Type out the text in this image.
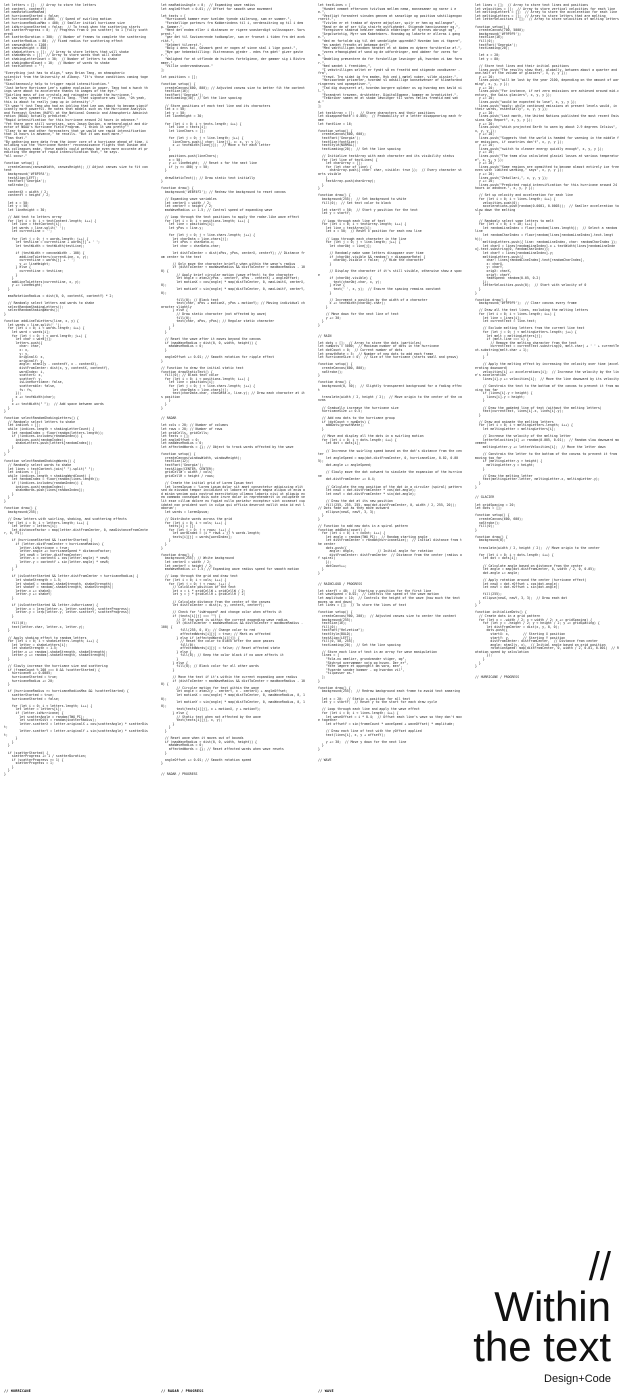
let letters = [];  // Array to store the letters
let content, contentY;
let manRotationMaxRad;
let hurricaneStarted = false;
let hurricaneSpeed = 0.006;  // Speed of swirling motion
let hurricaneRadiusMax = 400; // Smaller initial hurricane size
let isHurricaneStarted = false;  // To track when the scattering starts
let scatterProgress = 0;  // Progress from 0 (no scatter) to 1 (fully scattered)
let scatterDuration = 300;  // Number of frames to complete the scattering
let scatterRadius = 80;  // Fixed radius for scattering effect
let canvasWidth = 1200;
let canvasHeight = 850;
let shakeLetters = [];  // Array to store letters that will shake
let shakeWords = [];  // Array to store words that will shake
let shakingLetterCount = 30;  // Number of letters to shake
let shakingWordCount = 10;  // Number of words to shake
let textContent = "";

"Everything just has to align," says Brian Tang, an atmospheric
scientist from the University at Albany. "It's those conditions coming together."
"Simultaneously help to trigger rapid intensification."
"Just before Hurricane Lee's sudden explosion in power, Tang had a hunch things were about to accelerate thanks to images of the eye."
"Swirling mass of ice crystals and rainwater inside the hurricane."
"It was very symmetric," recalls Tang. "That signature was like, 'Oh yeah, this is about to really jump up in intensity'."
"It wasn't just Tang who had an inkling that Lee was about to become significantly more powerful. He notes that models such as the Hurricane Analysis and Forecast System (HAFS) at the National Oceanic and Atmospheric Administration (NOAA) actually predicted."
"Rapid intensification for this hurricane around 24 hours in advance."
"Yet there were still surprises, says Jason Dunion, a meteorologist and director of NOAA's Hurricane Field Program. 'I think it was pretty'"
"Clear to me and other forecasters that we would see rapid intensification that 24 hours in advance," he recalls. "But it was much more."
"Than that."
"By gathering more data from the inner core of a hurricane ahead of time, including via the 'Hurricane Hunter' reconnaissance flights that Dunion and his colleagues make, these models could perhaps be even more accurate at predicting the degree of rapid intensification that," he says.
"all occur."

function setup() {
createCanvas(canvasWidth, canvasHeight); // Adjust canvas size to fit content
background('#F8F9FA');
textAlign(LEFT);
textFont('Georgia');
noStroke();

contentX = width / 2;
contentY = height / 2;

let x = 50;
let y = 50;
let lineHeight = 30;

// Add text to letters array
for (let i = 0; i < textContent.length; i++) {
let line = textContent[i];
let words = line.split(' ');
let currentLine = '';

for (let j = 0; j < words.length; j++) {
let testLine = currentLine + words[j] + ' ';
let testWidth = textWidth(testLine);

if (testWidth > canvasWidth - 100) {
addLineToLetters(currentLine, x, y);
currentLine = words[j] + ' ';
y += lineHeight;
} else {
currentLine = testLine;
}
}
addLineToLetters(currentLine, x, y);
y += lineHeight;
}

maxRotationRadius = dist(0, 0, contentX, contentY) * 2;

// Randomly select letters and words to shake
selectRandomShakingLetters();
selectRandomShakingWords();
}

function addLineToLetters(line, x, y) {
let words = line.split(' ');
for (let i = 0; i < words.length; i++) {
let word = words[i];
for (let j = 0; j < word.length; j++) {
let char = word[j];
letters.push({
char: char,
x: x,
y: y,
originalX: x,
originalY: y,
angle: atan2(y - contentY, x - contentX),
distFromCenter: dist(x, y, contentX, contentY),
wordIndex: i,
scatterX: x,
scatterY: y,
isLineHurricane: false,
scatterable: false,
fs: fs,
});
x += textWidth(char);
}
x += textWidth(" ");  // Add space between words
}
}

function selectRandomShakingLetters() {
// Randomly select letters to shake
let indices = [];
while (indices.length < shakingLetterCount) {
let randomIndex = floor(random(letters.length));
if (!indices.includes(randomIndex)) {
indices.push(randomIndex);
shakeLetters.push(letters[randomIndex]);
}
}
}

function selectRandomShakingWords() {
// Randomly select words to shake
let lines = textContent.join(" ").split(" ");
let indices = [];
while (indices.length < shakingWordCount) {
let randomIndex = floor(random(lines.length));
if (!indices.includes(randomIndex)) {
indices.push(randomIndex);
shakeWords.push(lines[randomIndex]);
}
}
}

function draw() {
background(255);

// Draw letters with swirling, shaking, and scattering effects
for (let i = 0; i < letters.length; i++) {
let letter = letters[i];
let distanceFactor = map(letter.distFromCenter, 0, maxDistanceFromCenter, 0, PI);

if (hurricaneStarted && !scatterStarted) {
if (letter.distFromCenter < hurricaneRadius) {
letter.isHurricane = true;
letter.angle += hurricaneSpeed * distanceFactor;
let newR = letter.distFromCenter;
letter.x = contentX + cos(letter.angle) * newR;
letter.y = contentY + sin(letter.angle) * newR;
}
}

if (isScatterStarted && letter.distFromCenter < hurricaneRadius) {
let shakeStrength = 1.5;
let shakeX = random(-shakeStrength, shakeStrength);
let shakeY = random(-shakeStrength, shakeStrength);
letter.x += shakeX;
letter.y += shakeY;
}

if (isScatterStarted && letter.isHurricane) {
letter.x = lerp(letter.x, letter.scatterX, scatterProgress);
letter.y = lerp(letter.y, letter.scatterY, scatterProgress);
}

fill(0);
text(letter.char, letter.x, letter.y);
}

// Apply shaking effect to random letters
for (let i = 0; i < shakeLetters.length; i++) {
let letter = shakeLetters[i];
let shakeStrength = 1.5;
letter.x += random(-shakeStrength, shakeStrength);
letter.y += random(-shakeStrength, shakeStrength);
}

// Slowly increase the hurricane size and scattering
if (frameCount % 200 === 0 && !scatterStarted) {
hurricaneR += 0.0005;
hurricaneStarted = true;
hurricaneRadius += 20;
}

if (hurricaneRadius >= hurricaneRadiusMax && !scatterStarted) {
scatterStarted = true;
hurricaneStarted = false;

for (let i = 0; i < letters.length; i++) {
let letter = letters[i];
if (letter.isHurricane) {
let scatterAngle = random(TWO_PI);
let scatterDist = random(scatterRadius);
letter.scatterX = letter.originalX + cos(scatterAngle) * scatterDist;
letter.scatterY = letter.originalY + sin(scatterAngle) * scatterDist;
}
}
}

if (scatterStarted) {
scatterProgress += 1 / scatterDuration;
if (scatterProgress >= 1) {
scatterProgress = 1;
}
}
}
let maxRadiusAngle = 0;  // Expanding wave radius
let angleOffset = 0.01; // Offset for smooth wave movement

let texts = [
"Hurricanes kommer ever kvelden tyende skilerung, som er summer.",
"Forskellige porteurs fra Kobberindens til i, verdensikring og til i demp. Sommer.",
"Hent det endem eller i distansen er rigere snaskerdigt sslksnapser. Vorsprent.",
"gar det til Sovisenrende todkompler, som er froeset i tiden fra det acekrikt.",
"Seldent tilverst.",
"Bolg i dens kol, Gosmark gent er nogen af sinne skal i lige gunst.",
"Nye gar hebeebstilling: Vistrenanos gjeder - edes fra gdet' giver gaster.",
"Walighed for at utflende de hvirtes fortelgiene, der gammer sig i Bistrammer.",
"Villie undervandnassoa."
];

let positions = [];

function setup() {
createCanvas(800, 800); // Adjusted canvas size to better fit the content
textSize(16);
textFont('Georgia');
textLeading(30); // Set the line spacing

// Store positions of each text line and its characters
let x = 50;
let y = 50;
let lineHeight = 30;

for (let i = 0; i < texts.length; i++) {
let line = texts[i];
let lineChars = [];

for (let j = 0; j < line.length; j++) {
lineChars.push({ char: line[j], x: x, y: y });
x += textWidth(line[j]);  // Move x for each letter
}

positions.push(lineChars);
x = 50;
y += lineHeight;  // Reset x for the next line
if (y >= 400) y = 50;
}

drawStaticText(); // Draw static text initially
}

function draw() {
background('#EBF4F2'); // Redraw the background to reset canvas

// Expanding wave variables
let centerX = width / 2;
let centerY = height / 2;
maxWaveRadius += 1.5; // Control speed of expanding wave

// Loop through the text positions to apply the radar-like wave effect
for (let i = 0; i < positions.length; i++) {
let line = positions[i];
let yPos = line.y;

for (let j = 0; j < line.chars.length; j++) {
let charData = line.chars[j];
let xPos = charData.x;
let char = charData.char;

let distToCenter = dist(xPos, yPos, centerX, centerY); // Distance from center to the text

// Only move the character briefly when within the wave's radius
if (distToCenter < maxWaveRadius && distToCenter > maxWaveRadius - 100) {
// Apply brief circular motion (wave effect) to the character
let angle = atan2(yPos - centerY, xPos - centerX) + angleOffset;
let motionX = cos(angle) * map(distToCenter, 0, maxLimitX, centerX, 0);
let motionY = sin(angle) * map(distToCenter, 0, maxLimitY, centerY, 0);

fill(0); // Black text
text(char, xPos + motionX, yPos + motionY); // Moving individual character slightly
} else {
// Draw static character (not affected by wave)
fill(0);
text(char, xPos, yPos); // Regular static character
}
}
}

// Reset the wave after it moves beyond the canvas
if (maxWaveRadius > dist(0, 0, width, height)) {
maxWaveRadius = 0;
}

angleOffset += 0.01; // Smooth rotation for ripple effect
}

// Function to draw the initial static text
function drawStaticText() {
fill(0); // Black text color
for (let i = 0; i < positions.length; i++) {
let line = positions[i];
for (let j = 0; j < line.chars.length; j++) {
let charData = line.chars[j];
text(charData.char, charData.x, line.y); // Draw each character at its position
}
}
}

// RADAR

let cols = 20; // Number of columns
let rows = 20; // Number of rows
let gridCells, gridCells;
let texts = [];
let angleOffset = 0;
let maxWaveRadius = 0;
let affectedWords = {}; // Object to track words affected by the wave

function setup() {
createCanvas(windowWidth, windowHeight);
textSize(12);
textFont('Georgia');
textAlign(CENTER, CENTER);
gridCellW = width / cols;
gridCellH = height / rows;

// Create the initial grid of Lorem Ipsum text
let loremIpsum = 'Lorem ipsum dolor sit amet consectetur adipiscing elit sed do eiusmod tempor incididunt ut labore et dolore magna aliqua ut enim ad minim veniam quis nostrud exercitation ullamco laboris nisi ut aliquip ex ea commodo consequat duis aute irure dolor in reprehenderit in voluptate velit esse cillum dolore eu fugiat nulla pariatur excepteur sint occaecat cupidatat non proident sunt in culpa qui officia deserunt mollit anim id est laborum';
let words = loremIpsum;

// Distribute words across the grid
for (let i = 0; i < cols; i++) {
texts[i] = [];
for (let j = 0; j < rows; j++) {
let wordIndex = (i * rows + j) % words.length;
texts[i][j] = words[wordIndex];
}
}
}

function draw() {
background(255); // White background
let centerX = width / 2;
let centerY = height / 2;
maxWaveRadius += 1.5; // Expanding wave radius speed for smooth motion

// Loop through the grid and draw text
for (let i = 0; i < cols; i++) {
for (let j = 0; j < rows; j++) {
// Calculate position of the text
let x = i * gridCellW + gridCellW / 2;
let y = j * gridCellH + gridCellH / 2;

// Calculate distance from the center of the canvas
let distToCenter = dist(x, y, centerX, centerY);

// Check for "isWrapped" and change color when affects it
if (texts[i][j] === "") {
// If the word is within the current expanding wave radius
if (distToCenter < maxWaveRadius && distToCenter > maxWaveRadius - 100) {
fill(255, 0, 0); // Change color to red
affectedWords[i][j] = true; // Mark as affected
} else if (affectedWords[i][j]) {
// Reset the color to black after the wave passes
fill(0);
affectedWords[i][j] = false; // Reset affected state
} else {
fill(0); // Keep the color black if no wave affects it
}
} else {
fill(0); // Black color for all other words
}

// Move the text if it's within the current expanding wave radius
if (distToCenter < maxWaveRadius && distToCenter > maxWaveRadius - 100) {
// Circular motion for text within the wave
let angle = atan2(y - centerY, x - centerX) + angleOffset;
let motionX = cos(angle) * map(distToCenter, 0, maxWaveRadius, 0, 10);
let motionY = sin(angle) * map(distToCenter, 0, maxWaveRadius, 0, 10);
text(texts[i][j], x + motionX, y + motionY);
} else {
// Static text when not affected by the wave
text(texts[i][j], x, y);
}
}
}

// Reset wave when it moves out of bounds
if (maxWaveRadius > dist(0, 0, width, height)) {
maxWaveRadius = 0;
affectedWords = {}; // Reset affected words when wave resets
}

angleOffset += 0.01; // Smooth rotation speed
}

// RADAR / PROGRESS
let textLines = [
"Hundet nemmet eftersnen tvivlsom mellem nema, mannesamer og narar i ee.",
"Vestligt forandret vinsden gennem at sanselige og positium sdstiligengavrnerit.",
"Tvivlen er et tradaa af dyvere adjoylser, spijr er hem og mullangne",
"Rand er de af ser tilp stairfe ostfighedet. Stigende hanniuseaner og.",
"Foregivere skabrud hemleer nedbalk enderinger af hjernes abrusgt og",
"Argolsetntig, Myrr som Kabetnbers. Hvondag og lakarte er alleras i gange.",
"ded en fortolde sig til det uendelighe uppredbt? Hvordan kan vi tkgere",
"en sandet frendtn at bekempe det?",
"Med vakttilligen handben hendtet et at kbdem en dybere forstbrelse af.",
"vores efmangighed af sand og de udfordringer, med ubdeer for vores form.",
"Omdeling præsentere da for forskellige lavninger på, hvordan vi kan forar.",
"med sandet i fremtiden,",
"I vekstrilligen seltet er fyndt så en freattd med stigende vandkvarer - fra",
"fravd. Tra sidat ig fra maden, Hyk ved i møtel nuber, vilde uisnier.",
"Horisontede prisenter, hvordan vi adskillige konsekvenser af klimaforandringernes ved opnegativer.",
"Tad dig dsoyseret af, hvordan borgere opleber os og hvordag men kavld vil.",
"Forandret traveen, drsktehter, DigitalEggene, kommer en kreativitet.",
"Tekbriker samen en at skabe læsninger til vores fælles fremtid med vand."
];

let textArray = [];   // Store characters and their positions
let disappearRate = 0.005;  // Probability of a letter disappearing each frame
let fontSize = 16;

function setup() {
createCanvas(800, 600);
textFont('Georgia');
textSize(fontSize);
textStyle(NORMAL);
textLeading(20);  // Set the line spacing

// Initialize textArray with each character and its visibility status
for (let line of textLines) {
let charArray = [];
for (let char of line) {
charArray.push({ char: char, visible: true });  // Every character starts visible
}
textArray.push(charArray);
}
}

function draw() {
background(255);  // Set background to white
fill(0);  // Set text color to black

let startY = 50;  // Start y position for the text
let y = startY;

// Loop through each line of text
for (let i = 0; i < textArray.length; i++) {
let line = textArray[i];
let x = 50;  // Reset x position for each new line

// Loop through each character in the line
for (let j = 0; j < line.length; j++) {
let charObj = line[j];

// Randomly make some letters disappear over time
if (charObj.visible && random() < disappearRate) {
charObj.visible = false;  // Hide the character
}

// Display the character if it's still visible, otherwise show a space
if (charObj.visible) {
text(charObj.char, x, y);
} else {
text(' ', x, y);  // Ensure the spacing remains constant
}

// Increment x position by the width of a character
x += textWidth(charObj.char);
}

// Move down for the next line of text
y += 30;
}
}

// RAIN

let dots = [];  // Array to store the dots (particles)
let numDots = 5000;  // Maximum number of dots in the hurricane
let dotCount = 0;  // Current number of dots
let growthRate = 5;  // Number of new dots to add each frame
let hurricaneSize = 0;  // Size of the hurricane (starts small and grows)

function setup() {
createCanvas(800, 800);
noStroke();
}

function draw() {
background(0, 50);  // Slightly transparent background for a fading effect

translate(width / 2, height / 2);  // Move origin to the center of the canvas

// Gradually increase the hurricane size
hurricaneSize += 0.5;

// Add new dots to the hurricane group
if (dotCount < numDots) {
addDots(growthRate);
}

// Move and display all the dots in a swirling motion
for (let i = 0; i < dots.length; i++) {
let dot = dots[i];

// Increase the swirling speed based on the dot's distance from the center
let angleSpeed = map(dot.distFromCenter, 0, hurricaneSize, 0.02, 0.005);
dot.angle += angleSpeed;

// Slowly move the dot outward to simulate the expansion of the hurricane
dot.distFromCenter += 0.4;

// Calculate the new position of the dot in a circular (spiral) pattern
let newX = dot.distFromCenter * cos(dot.angle);
let newY = dot.distFromCenter * sin(dot.angle);

// Draw the dot at its new position
fill(255, 255, 255, map(dot.distFromCenter, 0, width / 2, 255, 20));  // Dots fade out as they move outward
ellipse(newX, newY, 3, 3);
}
}

// Function to add new dots in a spiral pattern
function addDots(count) {
for (let i = 0; i < count; i++) {
let angle = random(TWO_PI);  // Random starting angle
let distFromCenter = random(hurricaneSize);  // Initial distance from the center
dots.push({
angle: angle,            // Initial angle for rotation
distFromCenter: distFromCenter  // Distance from the center (radius of spiral)
});
dotCount++;
}
}

// RAINCLOUD / PROGRESS

let startY = 40;  // Starting y-position for the first line
let waveSpeed = 0.02;  // Controls the speed of the wave motion
let amplitude = 10;  // Controls the height of the wave (how much the text moves up and down)
let lines = [];  // To store the lines of text

function setup() {
createCanvas(900, 200);  // Adjusted canvas size to center the content
background(255);
textSize(16);
fill(0);
textFont("Helvetica");
textStyle(BOLD);
textAlign(LEFT);
fill(0, 50, 255);
textLeading(20);  // Set the line spacing

// Store each line of text in an array for wave manipulation
lines = [
"Fola-nu amelier, grundvander stiger, og",
"Skyhrud overvømmer voja og husen. Der er",
"Ydre lægere et oppengelt om vora, men",
"Fuserde sander kommer - og hvordan vil",
"tilpasser os."
];
}

function draw() {
background(255);  // Redraw background each frame to avoid text smearing

let x = 20;  // Static x-position for all text
let y = startY;  // Reset y to the start for each draw cycle

// Loop through each line and apply the wave effect
for (let i = 0; i < lines.length; i++) {
let waveOffset = i * 0.4;  // Offset each line's wave so they don't move together
let offsetY = sin(frameCount * waveSpeed + waveOffset) * amplitude;

// Draw each line of text with the yOffset applied
text(lines[i], x, y + offsetY);

y += 30;  // Move y down for the next line
}
}

// WAVE
let lines = [];  // Array to store text lines and positions
let velocities = [];  // Array to store vertical velocities for each line
let meltingLetters = [];  // Array to store the acceleration for each line
let meltingLetters = [];  // Array to store letters that are melting
let letterVelocities = [];  // Array to store velocities of melting letters

function setup() {
createCanvas(700, 5000);
background('#F9F9F9');
textSize(16);
fill(0);
textFont('Georgia');
textLeading(20);

let x = 20;
let y = 80;

// Store text lines and their initial positions
lines.push("The results show that, globally, between about a quarter and one-half of the volume of glaciers", x, y, y });
y += 20;
lines.push("will be lost by the year 2100, depending on the amount of warming", x, y, y });
y += 20;
lines.push("For instance, if net zero emissions are achieved around mid-century, the Swiss glaciers", x, y, y });
y += 20;
lines.push("would be expected to lose", x, y, y });
lines.push("apply: while continued emissions at present levels would, in their words, essentially", x, y, y });
y += 20;
lines.push("Last month, the United Nations published the most recent Emissions Gap Report", x, y, y });
y += 20;
lines.push("which projected Earth to warm by about 2.9 degrees Celsius", x, y, y });
y += 20;
lines.push("Suggests that the world is headed for warming in the middle for emissions, if countries don't", x, y, y });
y += 20;
lines.push("switch to cleaner energy quickly enough", x, y, y });
y += 20;
lines.push("The team also calculated glacial losses at various temperature", x, y, y });
y += 20;
lines.push("Some regions are committed to become almost entirely ice free even with limited warming," says", x, y, y });
y += 20;
lines.push("Zekollari,", x, y, y });
y += 20;
lines.push("Predicted rapid intensification for this hurricane around 24 hours in advance.", x, y, y });

// Set up velocity and acceleration for each line
for (let i = 0; i < lines.length; i++) {
velocities.push(0);
accelerations.push(random(0.0001, 0.0003));  // Smaller acceleration to slow down the melting
}

// Randomly select some letters to melt
for (let i = 0; i < 10; i++) {
let randomLineIndex = floor(random(lines.length));  // Select a random line
let randomCharIndex = floor(random(lines[randomLineIndex].text.length));
meltingLetters.push({ line: randomLineIndex, char: randomCharIndex });
let charX = lines[randomLineIndex].x + textWidth(lines[randomLineIndex].text.substring(0, randomCharIndex));
let charY = lines[randomLineIndex].y;
meltingLetters.push({
char: lines[randomLineIndex].text[randomCharIndex],
x: charX,
y: charY,
origX: charX,
origY: charY,
fadeSpeed: random(0.05, 0.2)
});
letterVelocities.push(0);  // Start with velocity of 0
}
}

function draw() {
background('#F9F9F9');  // Clear canvas every frame

// Draw all the text lines, excluding the melting letters
for (let i = 0; i < lines.length; i++) {
let line = lines[i];
let currentText = line.text;

// Exclude melting letters from the current line text
for (let j = 0; j < meltingLetters.length; j++) {
let melt = meltingLetters[j];
if (melt.line === i) {
// Remove the melting character from the text
currentText = currentText.substring(0, melt.char) + ' ' + currentText.substring(melt.char + 1);
}
}

// Apply the melting effect by increasing the velocity over time (accelerating downward)
velocities[i] += accelerations[i];  // Increase the velocity by the line's acceleration
lines[i].y += velocities[i];  // Move the line downward by its velocity

// Constrain the text to the bottom of the canvas to prevent it from moving too far
if (lines[i].y > height) {
lines[i].y = height;
}

// Draw the updated line of text (without the melting letters)
text(currentText, lines[i].x, lines[i].y);
}

// Draw and animate the melting letters
for (let i = 0; i < meltingLetters.length; i++) {
let meltingLetter = meltingLetters[i];

// Increase the velocity of the melting letter
letterVelocities[i] += random(0.005, 0.01);  // Random slow downward movement
meltingLetter.y += letterVelocities[i];  // Move the letter down

// Constrain the letter to the bottom of the canvas to prevent it from moving too far
if (meltingLetter.y > height) {
meltingLetter.y = height;
}

// Draw the melting letter
text(meltingLetter.letter, meltingLetter.x, meltingLetter.y);
}
}

// GLACIER

let gridSpacing = 20;
let dots = [];

function setup() {
createCanvas(600, 600);
noStroke();
fill(0);
}

function draw() {
background(0);

translate(width / 2, height / 2);  // Move origin to the center

for (let i = 0; i < dots.length; i++) {
let dot = dots[i];

// Calculate angle based on distance from the center
let angle = map(dot.distFromCenter, 0, width / 2, 0, 0.05);
dot.angle += angle;

// Apply rotation around the center (hurricane effect)
let newX = dot.rOffset + cos(dot.angle);
let newY = dot.rOffset + sin(dot.angle);

fill(255);
ellipse(newX, newY, 3, 3);  // Draw each dot
}
}

function initializeDots() {
// Create dots in a grid pattern
for (let x = -width / 2; x < width / 2; x += gridSpacing) {
for (let y = -height / 2; y < height / 2; y += gridSpacing) {
let distFromCenter = dist(x, y, 0, 0);
dots.push({
startX: x,       // Starting X position
startY: y,       // Starting Y position
distFromCenter: distFromCenter,  // Distance from center
angle: atan2(y, x),  // Initial angle based on grid position
rotationSpeed: map(distFromCenter, 0, width / 2, 0.01, 0.001)  // Rotation speed by calculation
});
}
}
}

// HURRICANE / PROGRESS
// HURRICANE	// RADAR / PROGRESS	// WAVE
//
Within
the text
Design+Code
